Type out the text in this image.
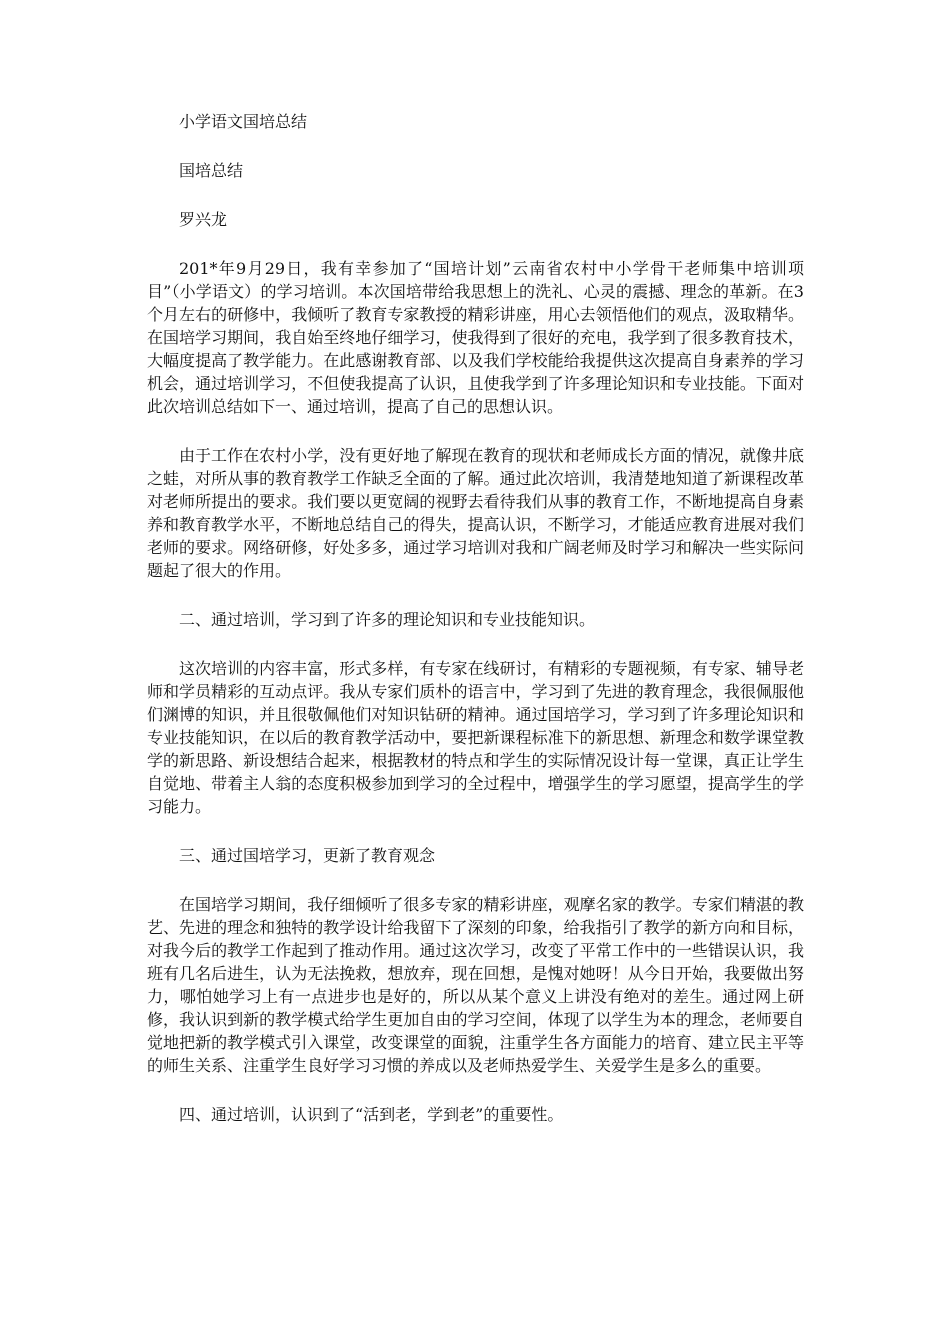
小学语文国培总结

国培总结

罗兴龙

201*年9月29日，我有幸参加了“国培计划”云南省农村中小学骨干老师集中培训项目”（小学语文）的学习培训。本次国培带给我思想上的洗礼、心灵的震撼、理念的革新。在3个月左右的研修中，我倾听了教育专家教授的精彩讲座，用心去领悟他们的观点，汲取精华。在国培学习期间，我自始至终地仔细学习，使我得到了很好的充电，我学到了很多教育技术，大幅度提高了教学能力。在此感谢教育部、以及我们学校能给我提供这次提高自身素养的学习机会，通过培训学习，不但使我提高了认识，且使我学到了许多理论知识和专业技能。下面对此次培训总结如下一、通过培训，提高了自己的思想认识。

由于工作在农村小学，没有更好地了解现在教育的现状和老师成长方面的情况，就像井底之蛙，对所从事的教育教学工作缺乏全面的了解。通过此次培训，我清楚地知道了新课程改革对老师所提出的要求。我们要以更宽阔的视野去看待我们从事的教育工作，不断地提高自身素养和教育教学水平，不断地总结自己的得失，提高认识，不断学习，才能适应教育进展对我们老师的要求。网络研修，好处多多，通过学习培训对我和广阔老师及时学习和解决一些实际问题起了很大的作用。

二、通过培训，学习到了许多的理论知识和专业技能知识。

这次培训的内容丰富，形式多样，有专家在线研讨，有精彩的专题视频，有专家、辅导老师和学员精彩的互动点评。我从专家们质朴的语言中，学习到了先进的教育理念，我很佩服他们渊博的知识，并且很敬佩他们对知识钻研的精神。通过国培学习，学习到了许多理论知识和专业技能知识，在以后的教育教学活动中，要把新课程标准下的新思想、新理念和数学课堂教学的新思路、新设想结合起来，根据教材的特点和学生的实际情况设计每一堂课，真正让学生自觉地、带着主人翁的态度积极参加到学习的全过程中，增强学生的学习愿望，提高学生的学习能力。

三、通过国培学习，更新了教育观念

在国培学习期间，我仔细倾听了很多专家的精彩讲座，观摩名家的教学。专家们精湛的教艺、先进的理念和独特的教学设计给我留下了深刻的印象，给我指引了教学的新方向和目标，对我今后的教学工作起到了推动作用。通过这次学习，改变了平常工作中的一些错误认识，我班有几名后进生，认为无法挽救，想放弃，现在回想，是愧对她呀！从今日开始，我要做出努力，哪怕她学习上有一点进步也是好的，所以从某个意义上讲没有绝对的差生。通过网上研修，我认识到新的教学模式给学生更加自由的学习空间，体现了以学生为本的理念，老师要自觉地把新的教学模式引入课堂，改变课堂的面貌，注重学生各方面能力的培育、建立民主平等的师生关系、注重学生良好学习习惯的养成以及老师热爱学生、关爱学生是多么的重要。

四、通过培训，认识到了“活到老，学到老”的重要性。
